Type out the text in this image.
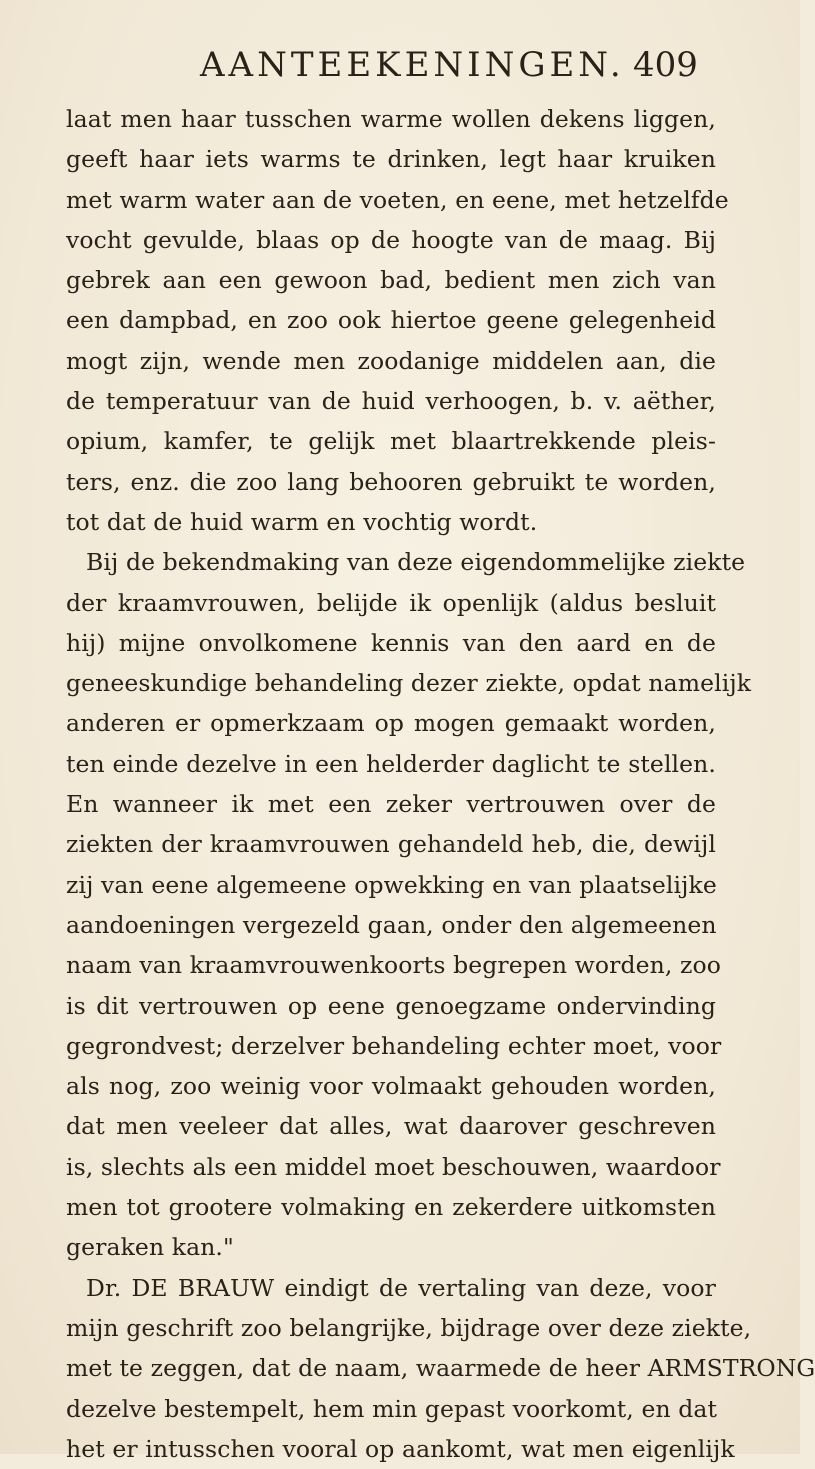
AANTEEKENINGEN. 409
laat men haar tusschen warme wollen dekens liggen,
geeft haar iets warms te drinken, legt haar kruiken
met warm water aan de voeten, en eene, met hetzelfde
vocht gevulde, blaas op de hoogte van de maag. Bij
gebrek aan een gewoon bad, bedient men zich van
een dampbad, en zoo ook hiertoe geene gelegenheid
mogt zijn, wende men zoodanige middelen aan, die
de temperatuur van de huid verhoogen, b. v. aëther,
opium, kamfer, te gelijk met blaartrekkende pleis-
ters, enz. die zoo lang behooren gebruikt te worden,
tot dat de huid warm en vochtig wordt.
Bij de bekendmaking van deze eigendommelijke ziekte
der kraamvrouwen, belijde ik openlijk (aldus besluit
hij) mijne onvolkomene kennis van den aard en de
geneeskundige behandeling dezer ziekte, opdat namelijk
anderen er opmerkzaam op mogen gemaakt worden,
ten einde dezelve in een helderder daglicht te stellen.
En wanneer ik met een zeker vertrouwen over de
ziekten der kraamvrouwen gehandeld heb, die, dewijl
zij van eene algemeene opwekking en van plaatselijke
aandoeningen vergezeld gaan, onder den algemeenen
naam van kraamvrouwenkoorts begrepen worden, zoo
is dit vertrouwen op eene genoegzame ondervinding
gegrondvest; derzelver behandeling echter moet, voor
als nog, zoo weinig voor volmaakt gehouden worden,
dat men veeleer dat alles, wat daarover geschreven
is, slechts als een middel moet beschouwen, waardoor
men tot grootere volmaking en zekerdere uitkomsten
geraken kan."
Dr. DE BRAUW eindigt de vertaling van deze, voor
mijn geschrift zoo belangrijke, bijdrage over deze ziekte,
met te zeggen, dat de naam, waarmede de heer ARMSTRONG
dezelve bestempelt, hem min gepast voorkomt, en dat
het er intusschen vooral op aankomt, wat men eigenlijk
